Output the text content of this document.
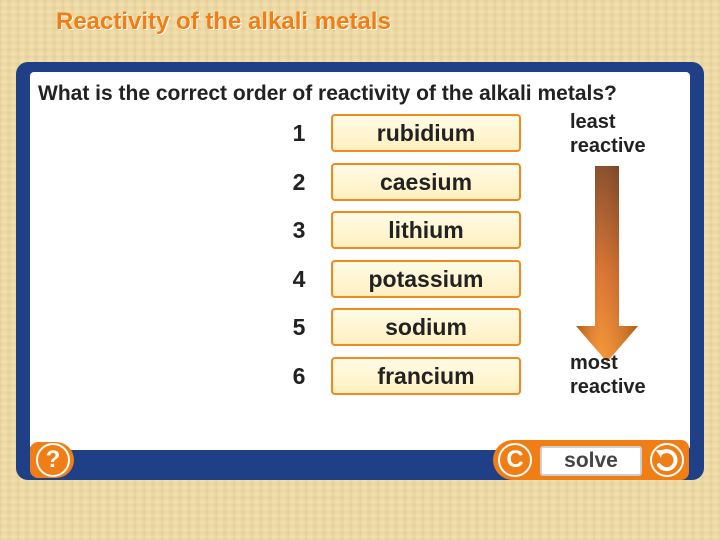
Reactivity of the alkali metals

What is the correct order of reactivity of the alkali metals?

1
2
3
4
5
6
rubidium
caesium
lithium
potassium
sodium
francium
least
reactive
most
reactive
?	C	solve
